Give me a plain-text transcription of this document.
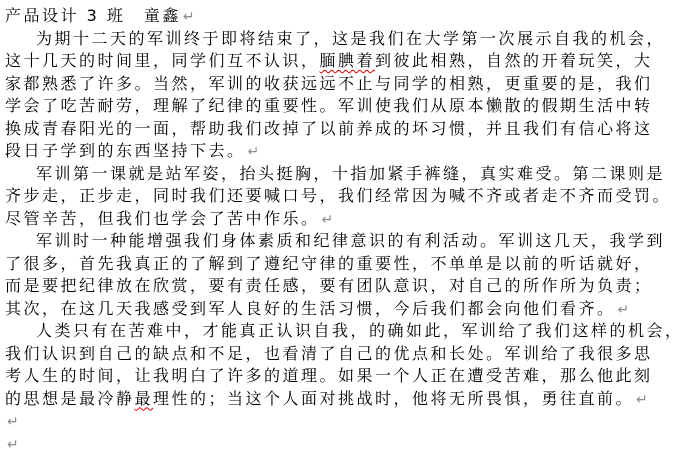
产品设计 3 班　童鑫 ↵
为期十二天的军训终于即将结束了，这是我们在大学第一次展示自我的机会，
这十几天的时间里，同学们互不认识，腼腆着到彼此相熟，自然的开着玩笑，大
家都熟悉了许多。当然，军训的收获远远不止与同学的相熟，更重要的是，我们
学会了吃苦耐劳，理解了纪律的重要性。军训使我们从原本懒散的假期生活中转
换成青春阳光的一面，帮助我们改掉了以前养成的坏习惯，并且我们有信心将这
段日子学到的东西坚持下去。 ↵
军训第一课就是站军姿，抬头挺胸，十指加紧手裤缝，真实难受。第二课则是
齐步走，正步走，同时我们还要喊口号，我们经常因为喊不齐或者走不齐而受罚。
尽管辛苦，但我们也学会了苦中作乐。 ↵
军训时一种能增强我们身体素质和纪律意识的有利活动。军训这几天，我学到
了很多，首先我真正的了解到了遵纪守律的重要性，不单单是以前的听话就好，
而是要把纪律放在欣赏，要有责任感，要有团队意识，对自己的所作所为负责；
其次，在这几天我感受到军人良好的生活习惯，今后我们都会向他们看齐。 ↵
人类只有在苦难中，才能真正认识自我，的确如此，军训给了我们这样的机会，
我们认识到自己的缺点和不足，也看清了自己的优点和长处。军训给了我很多思
考人生的时间，让我明白了许多的道理。如果一个人正在遭受苦难，那么他此刻
的思想是最冷静最理性的；当这个人面对挑战时，他将无所畏惧，勇往直前。 ↵
↵
↵
